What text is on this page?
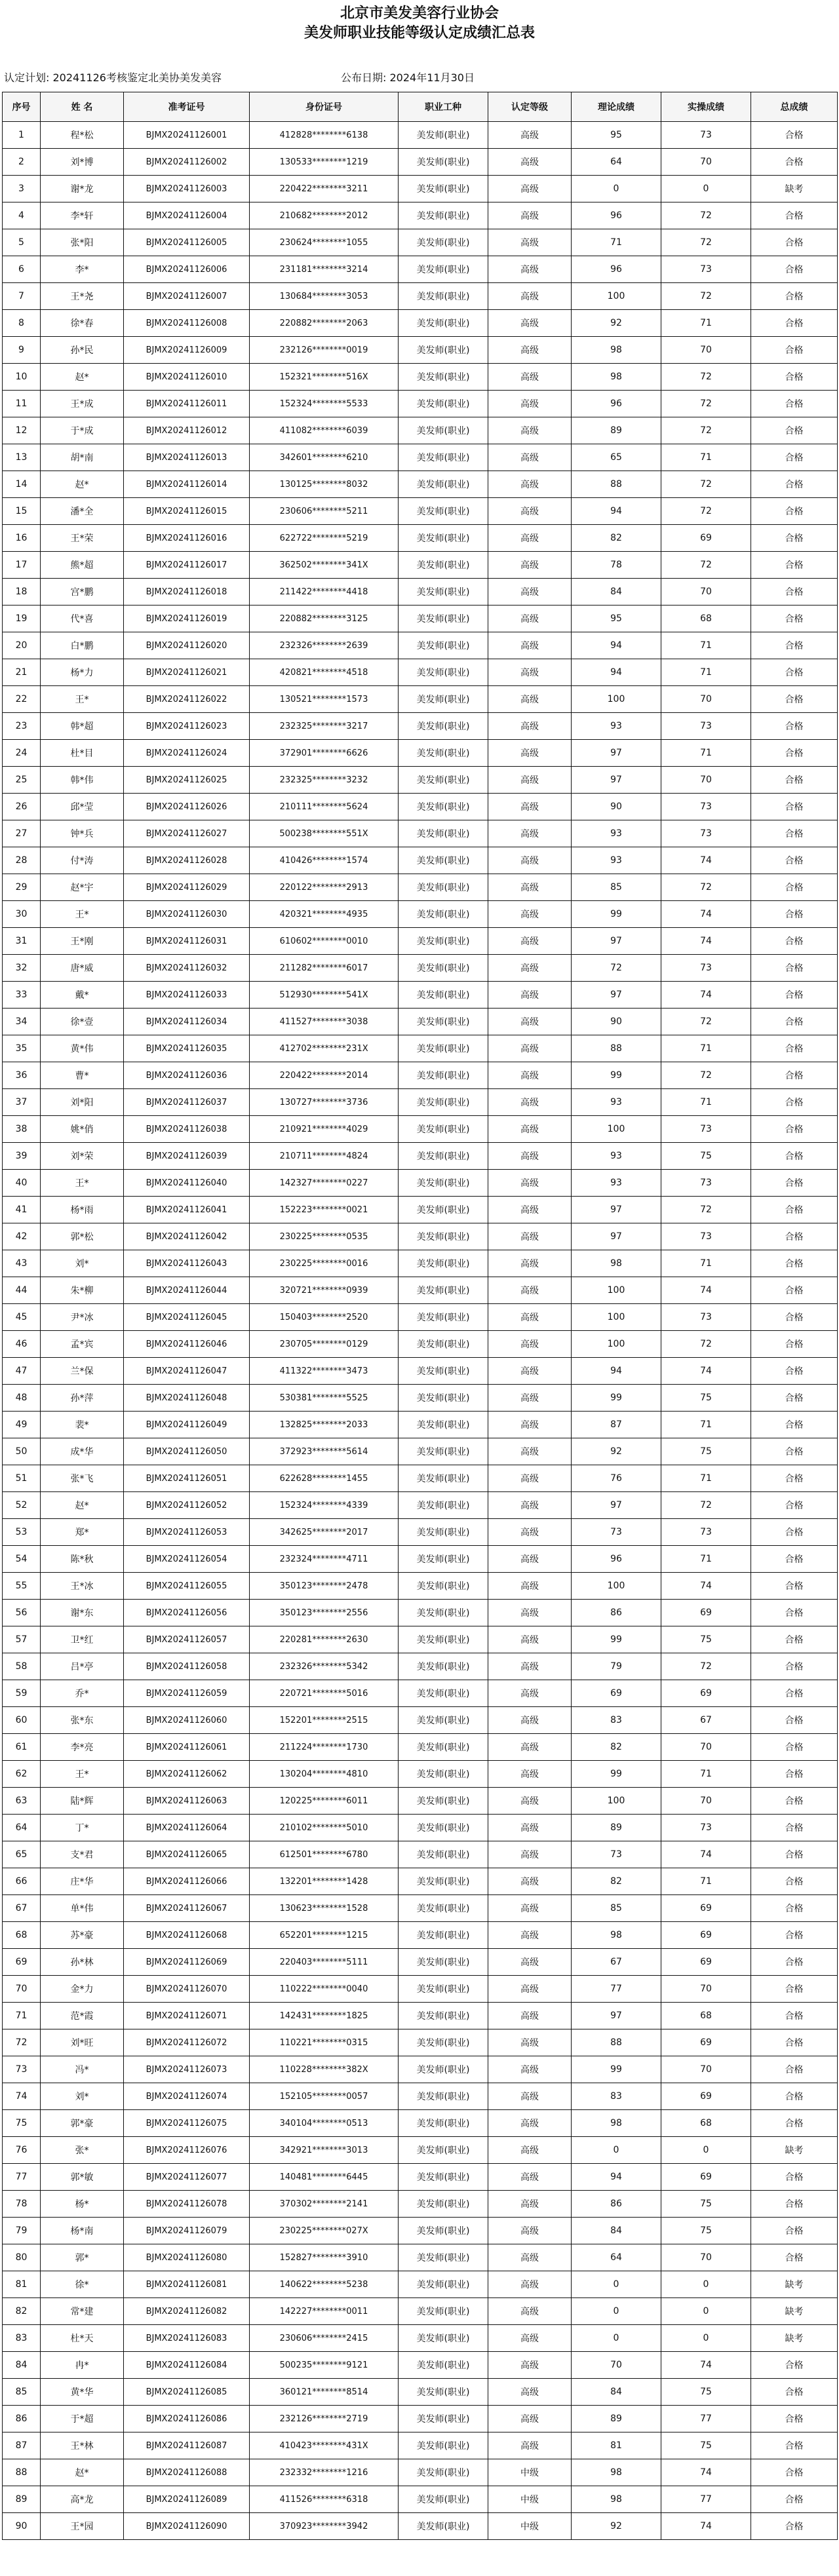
北京市美发美容行业协会
美发师职业技能等级认定成绩汇总表
认定计划: 20241126考核鉴定北美协美发美容	公布日期: 2024年11月30日
序号	姓 名	准考证号	身份证号	职业工种	认定等级	理论成绩	实操成绩	总成绩
1	程*松	BJMX20241126001	412828********6138	美发师(职业)	高级	95	73	合格
2	刘*博	BJMX20241126002	130533********1219	美发师(职业)	高级	64	70	合格
3	谢*龙	BJMX20241126003	220422********3211	美发师(职业)	高级	0	0	缺考
4	李*轩	BJMX20241126004	210682********2012	美发师(职业)	高级	96	72	合格
5	张*阳	BJMX20241126005	230624********1055	美发师(职业)	高级	71	72	合格
6	李*	BJMX20241126006	231181********3214	美发师(职业)	高级	96	73	合格
7	王*尧	BJMX20241126007	130684********3053	美发师(职业)	高级	100	72	合格
8	徐*春	BJMX20241126008	220882********2063	美发师(职业)	高级	92	71	合格
9	孙*民	BJMX20241126009	232126********0019	美发师(职业)	高级	98	70	合格
10	赵*	BJMX20241126010	152321********516X	美发师(职业)	高级	98	72	合格
11	王*成	BJMX20241126011	152324********5533	美发师(职业)	高级	96	72	合格
12	于*成	BJMX20241126012	411082********6039	美发师(职业)	高级	89	72	合格
13	胡*南	BJMX20241126013	342601********6210	美发师(职业)	高级	65	71	合格
14	赵*	BJMX20241126014	130125********8032	美发师(职业)	高级	88	72	合格
15	潘*全	BJMX20241126015	230606********5211	美发师(职业)	高级	94	72	合格
16	王*荣	BJMX20241126016	622722********5219	美发师(职业)	高级	82	69	合格
17	熊*超	BJMX20241126017	362502********341X	美发师(职业)	高级	78	72	合格
18	宫*鹏	BJMX20241126018	211422********4418	美发师(职业)	高级	84	70	合格
19	代*喜	BJMX20241126019	220882********3125	美发师(职业)	高级	95	68	合格
20	白*鹏	BJMX20241126020	232326********2639	美发师(职业)	高级	94	71	合格
21	杨*力	BJMX20241126021	420821********4518	美发师(职业)	高级	94	71	合格
22	王*	BJMX20241126022	130521********1573	美发师(职业)	高级	100	70	合格
23	韩*超	BJMX20241126023	232325********3217	美发师(职业)	高级	93	73	合格
24	杜*目	BJMX20241126024	372901********6626	美发师(职业)	高级	97	71	合格
25	韩*伟	BJMX20241126025	232325********3232	美发师(职业)	高级	97	70	合格
26	邱*莹	BJMX20241126026	210111********5624	美发师(职业)	高级	90	73	合格
27	钟*兵	BJMX20241126027	500238********551X	美发师(职业)	高级	93	73	合格
28	付*涛	BJMX20241126028	410426********1574	美发师(职业)	高级	93	74	合格
29	赵*宇	BJMX20241126029	220122********2913	美发师(职业)	高级	85	72	合格
30	王*	BJMX20241126030	420321********4935	美发师(职业)	高级	99	74	合格
31	王*刚	BJMX20241126031	610602********0010	美发师(职业)	高级	97	74	合格
32	唐*威	BJMX20241126032	211282********6017	美发师(职业)	高级	72	73	合格
33	戴*	BJMX20241126033	512930********541X	美发师(职业)	高级	97	74	合格
34	徐*壹	BJMX20241126034	411527********3038	美发师(职业)	高级	90	72	合格
35	黄*伟	BJMX20241126035	412702********231X	美发师(职业)	高级	88	71	合格
36	曹*	BJMX20241126036	220422********2014	美发师(职业)	高级	99	72	合格
37	刘*阳	BJMX20241126037	130727********3736	美发师(职业)	高级	93	71	合格
38	姚*俏	BJMX20241126038	210921********4029	美发师(职业)	高级	100	73	合格
39	刘*荣	BJMX20241126039	210711********4824	美发师(职业)	高级	93	75	合格
40	王*	BJMX20241126040	142327********0227	美发师(职业)	高级	93	73	合格
41	杨*雨	BJMX20241126041	152223********0021	美发师(职业)	高级	97	72	合格
42	郭*松	BJMX20241126042	230225********0535	美发师(职业)	高级	97	73	合格
43	刘*	BJMX20241126043	230225********0016	美发师(职业)	高级	98	71	合格
44	朱*柳	BJMX20241126044	320721********0939	美发师(职业)	高级	100	74	合格
45	尹*冰	BJMX20241126045	150403********2520	美发师(职业)	高级	100	73	合格
46	孟*宾	BJMX20241126046	230705********0129	美发师(职业)	高级	100	72	合格
47	兰*保	BJMX20241126047	411322********3473	美发师(职业)	高级	94	74	合格
48	孙*萍	BJMX20241126048	530381********5525	美发师(职业)	高级	99	75	合格
49	裴*	BJMX20241126049	132825********2033	美发师(职业)	高级	87	71	合格
50	成*华	BJMX20241126050	372923********5614	美发师(职业)	高级	92	75	合格
51	张*飞	BJMX20241126051	622628********1455	美发师(职业)	高级	76	71	合格
52	赵*	BJMX20241126052	152324********4339	美发师(职业)	高级	97	72	合格
53	郑*	BJMX20241126053	342625********2017	美发师(职业)	高级	73	73	合格
54	陈*秋	BJMX20241126054	232324********4711	美发师(职业)	高级	96	71	合格
55	王*冰	BJMX20241126055	350123********2478	美发师(职业)	高级	100	74	合格
56	谢*东	BJMX20241126056	350123********2556	美发师(职业)	高级	86	69	合格
57	卫*红	BJMX20241126057	220281********2630	美发师(职业)	高级	99	75	合格
58	吕*亭	BJMX20241126058	232326********5342	美发师(职业)	高级	79	72	合格
59	乔*	BJMX20241126059	220721********5016	美发师(职业)	高级	69	69	合格
60	张*东	BJMX20241126060	152201********2515	美发师(职业)	高级	83	67	合格
61	李*亮	BJMX20241126061	211224********1730	美发师(职业)	高级	82	70	合格
62	王*	BJMX20241126062	130204********4810	美发师(职业)	高级	99	71	合格
63	陆*辉	BJMX20241126063	120225********6011	美发师(职业)	高级	100	70	合格
64	丁*	BJMX20241126064	210102********5010	美发师(职业)	高级	89	73	合格
65	支*君	BJMX20241126065	612501********6780	美发师(职业)	高级	73	74	合格
66	庄*华	BJMX20241126066	132201********1428	美发师(职业)	高级	82	71	合格
67	单*伟	BJMX20241126067	130623********1528	美发师(职业)	高级	85	69	合格
68	苏*豪	BJMX20241126068	652201********1215	美发师(职业)	高级	98	69	合格
69	孙*林	BJMX20241126069	220403********5111	美发师(职业)	高级	67	69	合格
70	金*力	BJMX20241126070	110222********0040	美发师(职业)	高级	77	70	合格
71	范*霞	BJMX20241126071	142431********1825	美发师(职业)	高级	97	68	合格
72	刘*旺	BJMX20241126072	110221********0315	美发师(职业)	高级	88	69	合格
73	冯*	BJMX20241126073	110228********382X	美发师(职业)	高级	99	70	合格
74	刘*	BJMX20241126074	152105********0057	美发师(职业)	高级	83	69	合格
75	郭*豪	BJMX20241126075	340104********0513	美发师(职业)	高级	98	68	合格
76	张*	BJMX20241126076	342921********3013	美发师(职业)	高级	0	0	缺考
77	郭*敏	BJMX20241126077	140481********6445	美发师(职业)	高级	94	69	合格
78	杨*	BJMX20241126078	370302********2141	美发师(职业)	高级	86	75	合格
79	杨*南	BJMX20241126079	230225********027X	美发师(职业)	高级	84	75	合格
80	郭*	BJMX20241126080	152827********3910	美发师(职业)	高级	64	70	合格
81	徐*	BJMX20241126081	140622********5238	美发师(职业)	高级	0	0	缺考
82	常*建	BJMX20241126082	142227********0011	美发师(职业)	高级	0	0	缺考
83	杜*天	BJMX20241126083	230606********2415	美发师(职业)	高级	0	0	缺考
84	冉*	BJMX20241126084	500235********9121	美发师(职业)	高级	70	74	合格
85	黄*华	BJMX20241126085	360121********8514	美发师(职业)	高级	84	75	合格
86	于*超	BJMX20241126086	232126********2719	美发师(职业)	高级	89	77	合格
87	王*林	BJMX20241126087	410423********431X	美发师(职业)	高级	81	75	合格
88	赵*	BJMX20241126088	232332********1216	美发师(职业)	中级	98	74	合格
89	高*龙	BJMX20241126089	411526********6318	美发师(职业)	中级	98	77	合格
90	王*园	BJMX20241126090	370923********3942	美发师(职业)	中级	92	74	合格
